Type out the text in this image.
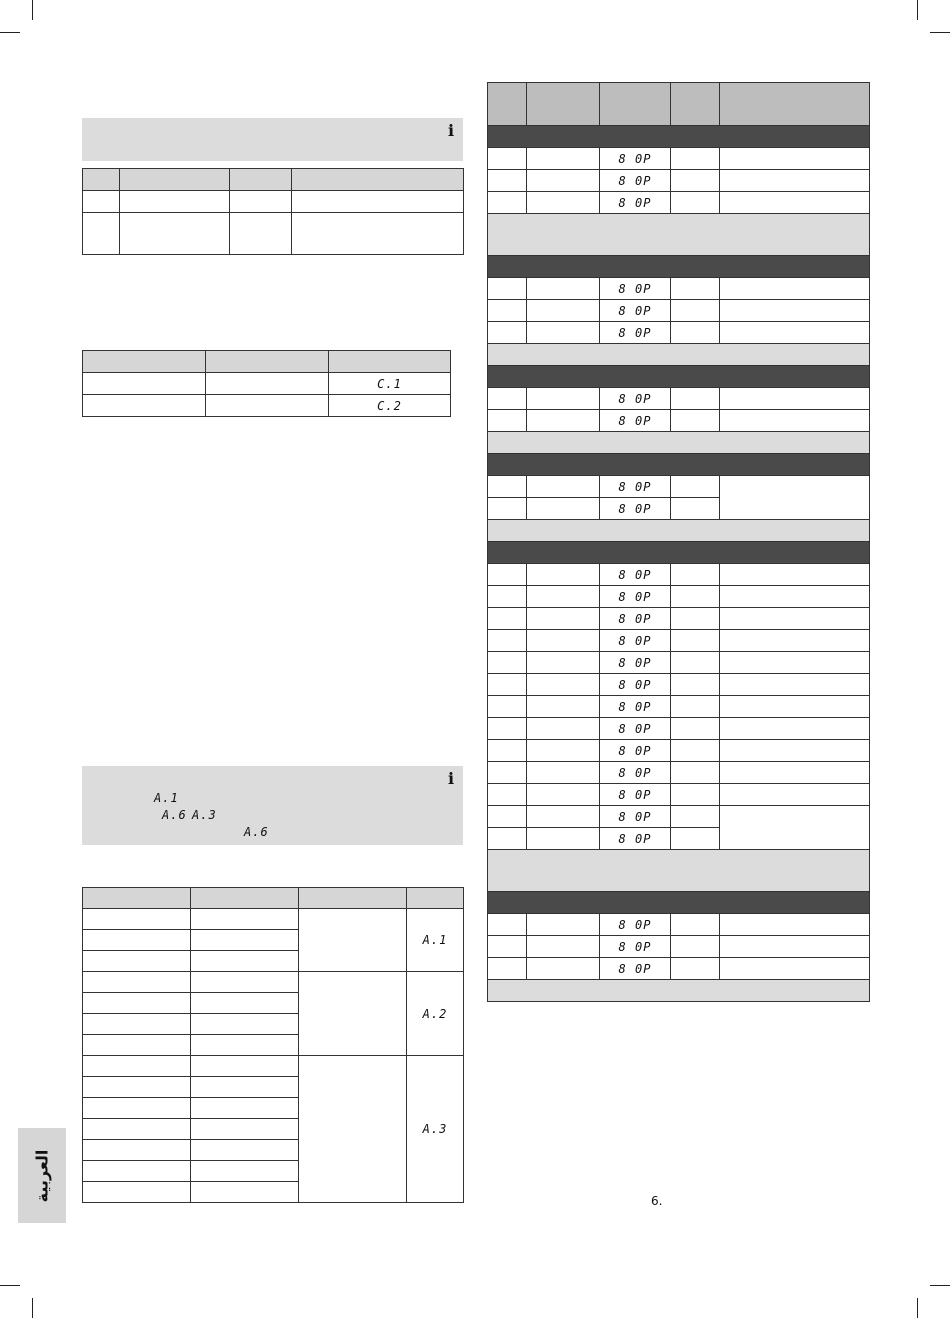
i

		C.1
		C.2
i
A.1
A.6 A.3
A.6

			A.1

			A.2

			A.3

		8 0P		
		8 0P		
		8 0P		

		8 0P		
		8 0P		
		8 0P		

		8 0P		
		8 0P		

		8 0P		
		8 0P		

		8 0P		
		8 0P		
		8 0P		
		8 0P		
		8 0P		
		8 0P		
		8 0P		
		8 0P		
		8 0P		
		8 0P		
		8 0P		
		8 0P		
		8 0P		

		8 0P		
		8 0P		
		8 0P		

العربية	6.
